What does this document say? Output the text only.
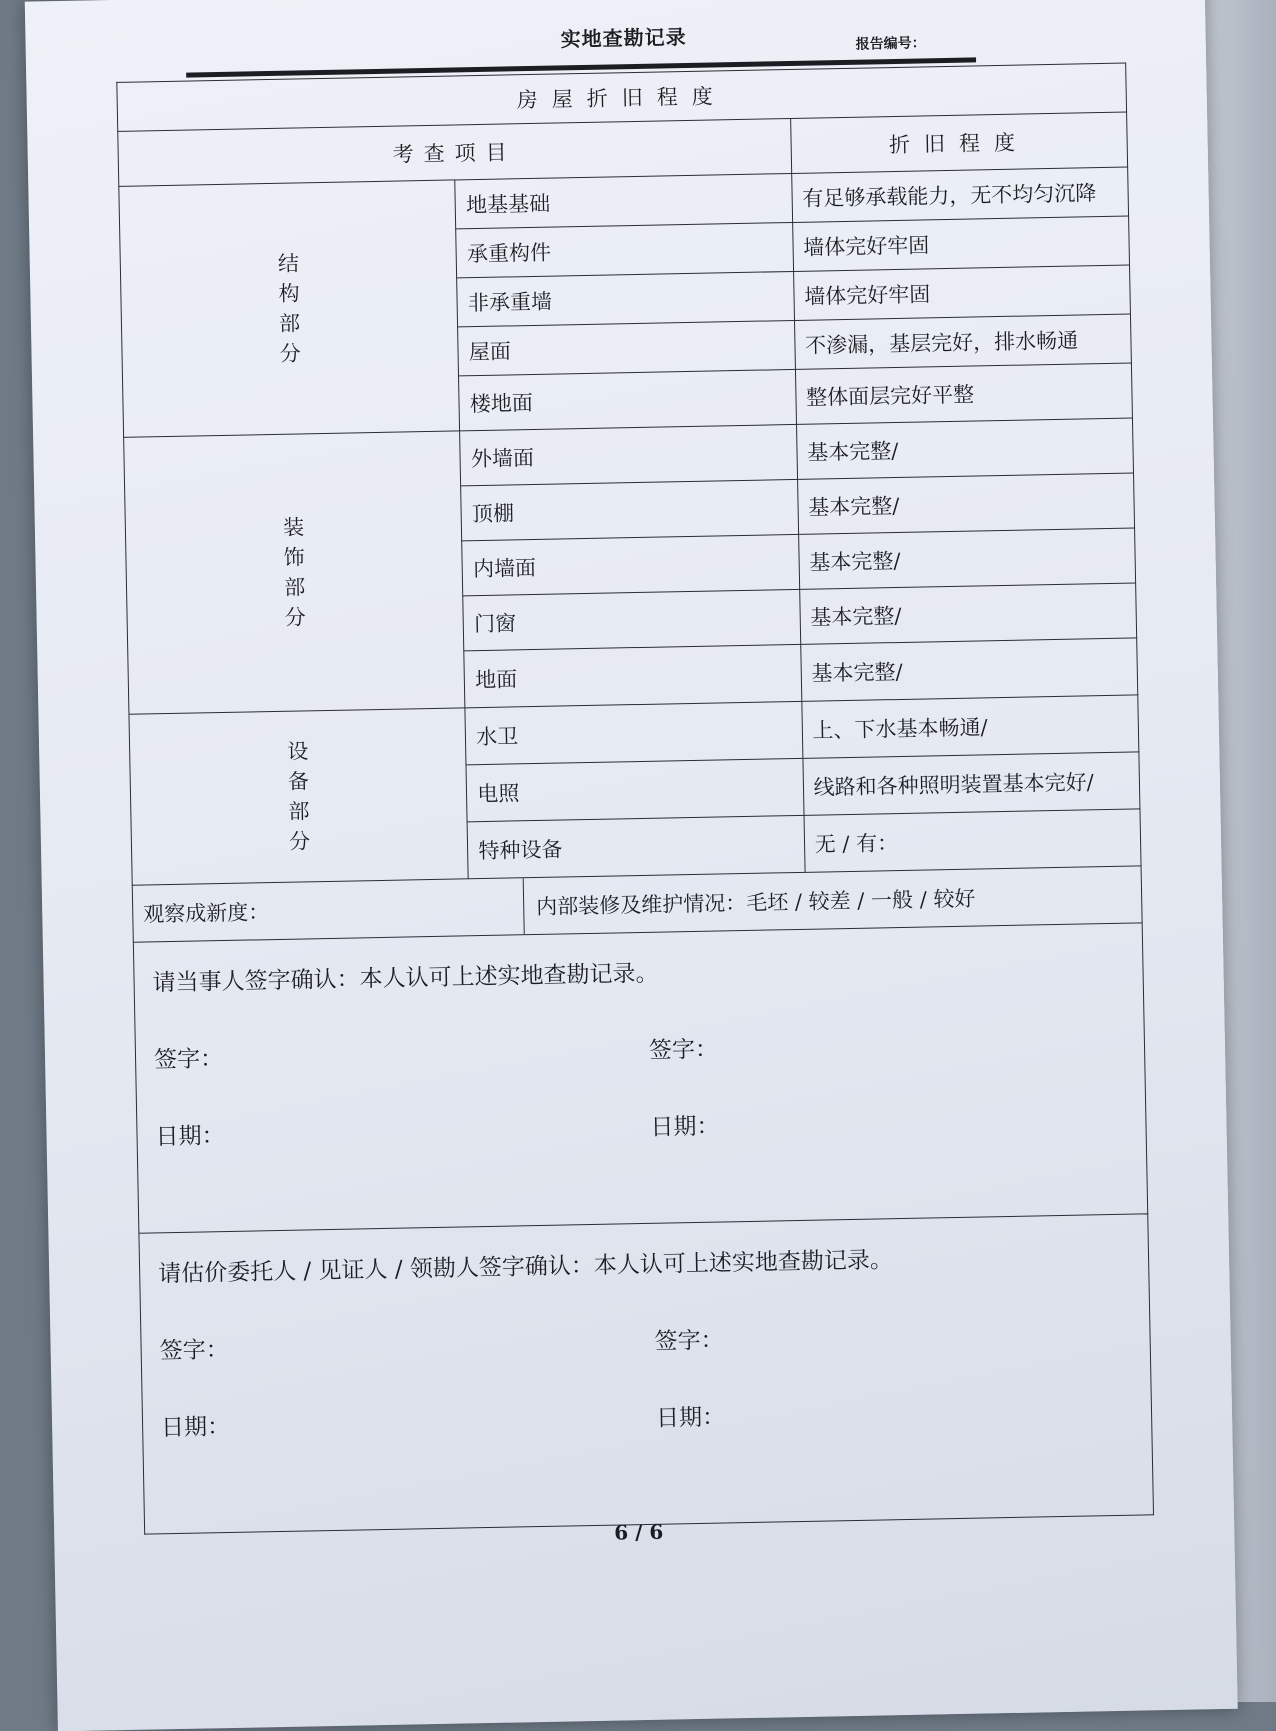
实地查勘记录	报告编号：
房屋折旧程度		
考查项目		折旧程度
结构部分	地基基础	有足够承载能力，无不均匀沉降
	承重构件	墙体完好牢固
	非承重墙	墙体完好牢固
	屋面	不渗漏，基层完好，排水畅通
	楼地面	整体面层完好平整
装饰部分	外墙面	基本完整/
	顶棚	基本完整/
	内墙面	基本完整/
	门窗	基本完整/
	地面	基本完整/
设备部分	水卫	上、下水基本畅通/
	电照	线路和各种照明装置基本完好/
	特种设备	无 / 有：

观察成新度： 内部装修及维护情况：毛坯 / 较差 / 一般 / 较好		

请当事人签字确认：本人认可上述实地查勘记录。
签字： 签字：
日期： 日期：		

请估价委托人 / 见证人 / 领勘人签字确认：本人认可上述实地查勘记录。
签字： 签字：
日期： 日期：		
6 / 6
